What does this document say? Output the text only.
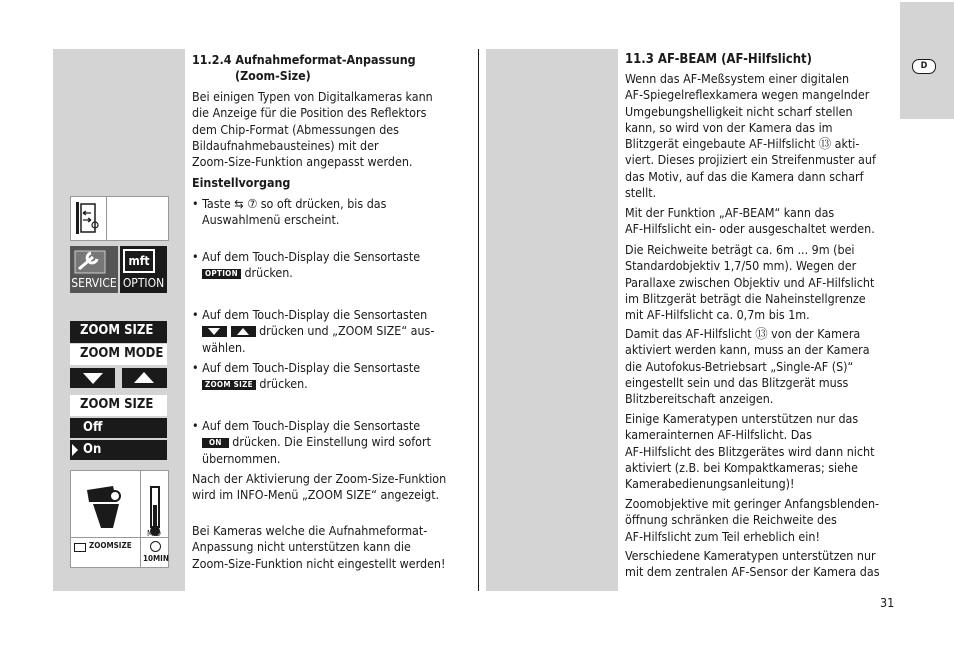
D
SERVICE
mft
OPTION
ZOOM SIZE
ZOOM MODE
ZOOM SIZE
Off
On
MID
ZOOMSIZE
10MIN

11.2.4 Aufnahmeformat-Anpassung

(Zoom-Size)

Bei einigen Typen von Digitalkameras kann

die Anzeige für die Position des Reflektors

dem Chip-Format (Abmessungen des

Bildaufnahmebausteines) mit der

Zoom-Size-Funktion angepasst werden.

Einstellvorgang

• Taste ⇆ ⑦ so oft drücken, bis das

Auswahlmenü erscheint.

• Auf dem Touch-Display die Sensortaste

OPTION drücken.

• Auf dem Touch-Display die Sensortasten

drücken und „ZOOM SIZE“ aus-

wählen.

• Auf dem Touch-Display die Sensortaste

ZOOM SIZE drücken.

• Auf dem Touch-Display die Sensortaste

ON drücken. Die Einstellung wird sofort

übernommen.

Nach der Aktivierung der Zoom-Size-Funktion

wird im INFO-Menü „ZOOM SIZE“ angezeigt.

Bei Kameras welche die Aufnahmeformat-

Anpassung nicht unterstützen kann die

Zoom-Size-Funktion nicht eingestellt werden!

11.3 AF-BEAM (AF-Hilfslicht)

Wenn das AF-Meßsystem einer digitalen

AF-Spiegelreflexkamera wegen mangelnder

Umgebungshelligkeit nicht scharf stellen

kann, so wird von der Kamera das im

Blitzgerät eingebaute AF-Hilfslicht ⑬ akti-

viert. Dieses projiziert ein Streifenmuster auf

das Motiv, auf das die Kamera dann scharf

stellt.

Mit der Funktion „AF-BEAM“ kann das

AF-Hilfslicht ein- oder ausgeschaltet werden.

Die Reichweite beträgt ca. 6m ... 9m (bei

Standardobjektiv 1,7/50 mm). Wegen der

Parallaxe zwischen Objektiv und AF-Hilfslicht

im Blitzgerät beträgt die Naheinstellgrenze

mit AF-Hilfslicht ca. 0,7m bis 1m.

Damit das AF-Hilfslicht ⑬ von der Kamera

aktiviert werden kann, muss an der Kamera

die Autofokus-Betriebsart „Single-AF (S)“

eingestellt sein und das Blitzgerät muss

Blitzbereitschaft anzeigen.

Einige Kameratypen unterstützen nur das

kamerainternen AF-Hilfslicht. Das

AF-Hilfslicht des Blitzgerätes wird dann nicht

aktiviert (z.B. bei Kompaktkameras; siehe

Kamerabedienungsanleitung)!

Zoomobjektive mit geringer Anfangsblenden-

öffnung schränken die Reichweite des

AF-Hilfslicht zum Teil erheblich ein!

Verschiedene Kameratypen unterstützen nur

mit dem zentralen AF-Sensor der Kamera das

31
